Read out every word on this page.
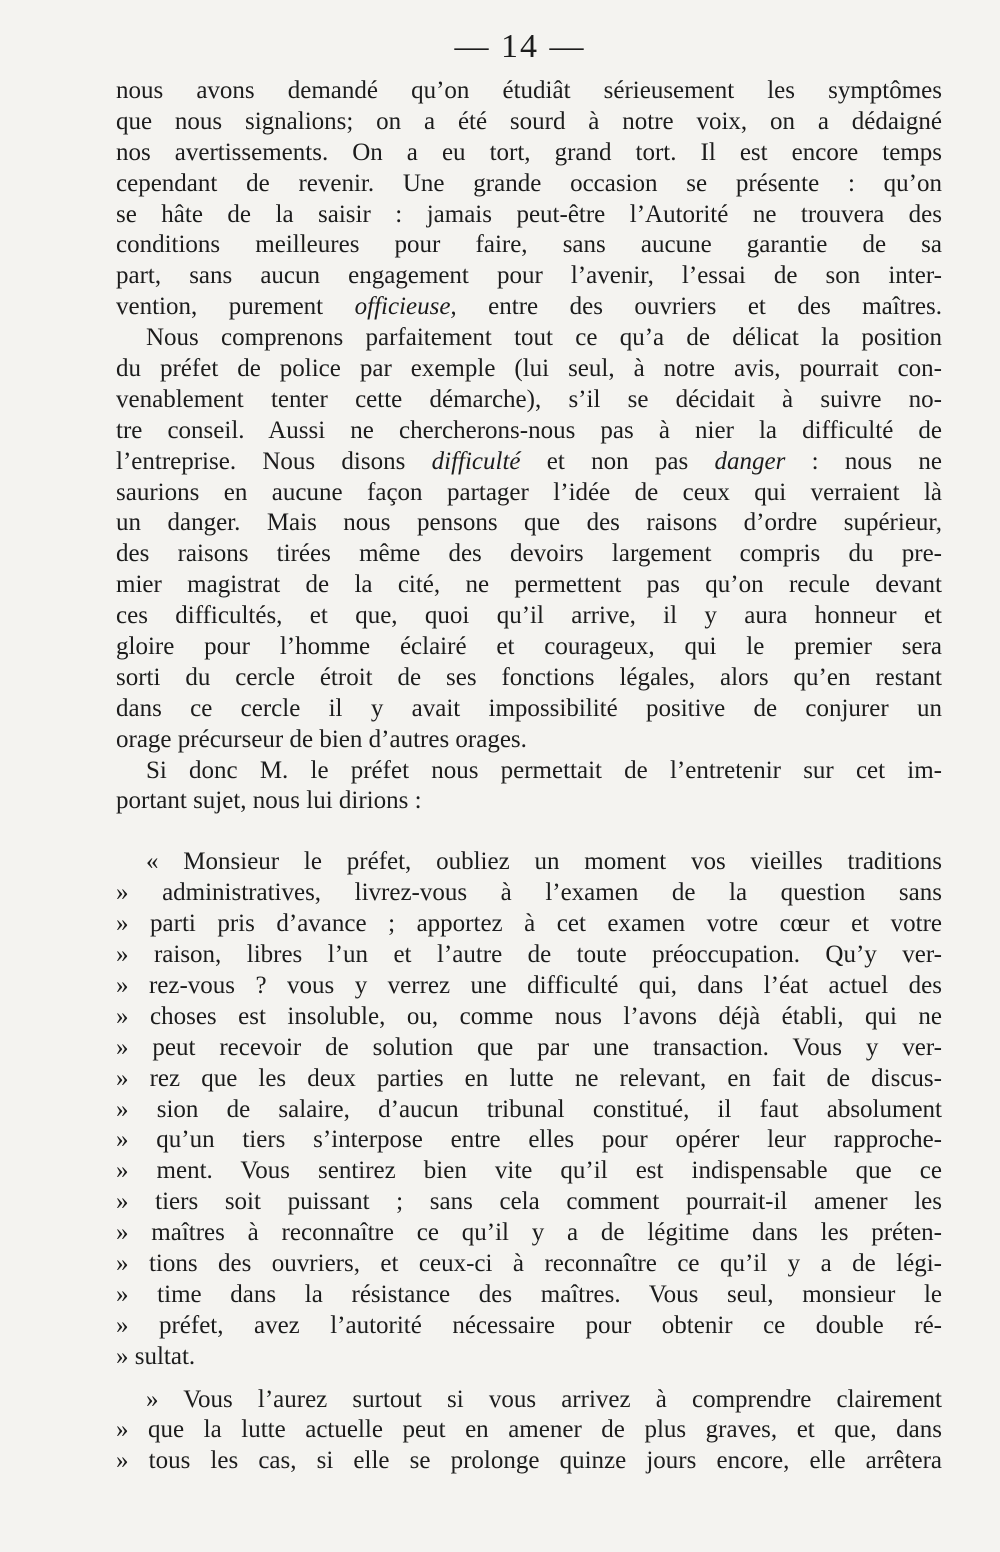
— 14 —
nous avons demandé qu’on étudiât sérieusement les symptômes
que nous signalions; on a été sourd à notre voix, on a dédaigné
nos avertissements. On a eu tort, grand tort. Il est encore temps
cependant de revenir. Une grande occasion se présente : qu’on
se hâte de la saisir : jamais peut-être l’Autorité ne trouvera des
conditions meilleures pour faire, sans aucune garantie de sa
part, sans aucun engagement pour l’avenir, l’essai de son inter-
vention, purement officieuse, entre des ouvriers et des maîtres.
Nous comprenons parfaitement tout ce qu’a de délicat la position
du préfet de police par exemple (lui seul, à notre avis, pourrait con-
venablement tenter cette démarche), s’il se décidait à suivre no-
tre conseil. Aussi ne chercherons-nous pas à nier la difficulté de
l’entreprise. Nous disons difficulté et non pas danger : nous ne
saurions en aucune façon partager l’idée de ceux qui verraient là
un danger. Mais nous pensons que des raisons d’ordre supérieur,
des raisons tirées même des devoirs largement compris du pre-
mier magistrat de la cité, ne permettent pas qu’on recule devant
ces difficultés, et que, quoi qu’il arrive, il y aura honneur et
gloire pour l’homme éclairé et courageux, qui le premier sera
sorti du cercle étroit de ses fonctions légales, alors qu’en restant
dans ce cercle il y avait impossibilité positive de conjurer un
orage précurseur de bien d’autres orages.
Si donc M. le préfet nous permettait de l’entretenir sur cet im-
portant sujet, nous lui dirions :
« Monsieur le préfet, oubliez un moment vos vieilles traditions
» administratives, livrez-vous à l’examen de la question sans
» parti pris d’avance ; apportez à cet examen votre cœur et votre
» raison, libres l’un et l’autre de toute préoccupation. Qu’y ver-
» rez-vous ? vous y verrez une difficulté qui, dans l’éat actuel des
» choses est insoluble, ou, comme nous l’avons déjà établi, qui ne
» peut recevoir de solution que par une transaction. Vous y ver-
» rez que les deux parties en lutte ne relevant, en fait de discus-
» sion de salaire, d’aucun tribunal constitué, il faut absolument
» qu’un tiers s’interpose entre elles pour opérer leur rapproche-
» ment. Vous sentirez bien vite qu’il est indispensable que ce
» tiers soit puissant ; sans cela comment pourrait-il amener les
» maîtres à reconnaître ce qu’il y a de légitime dans les préten-
» tions des ouvriers, et ceux-ci à reconnaître ce qu’il y a de légi-
» time dans la résistance des maîtres. Vous seul, monsieur le
» préfet, avez l’autorité nécessaire pour obtenir ce double ré-
» sultat.
» Vous l’aurez surtout si vous arrivez à comprendre clairement
» que la lutte actuelle peut en amener de plus graves, et que, dans
» tous les cas, si elle se prolonge quinze jours encore, elle arrêtera
